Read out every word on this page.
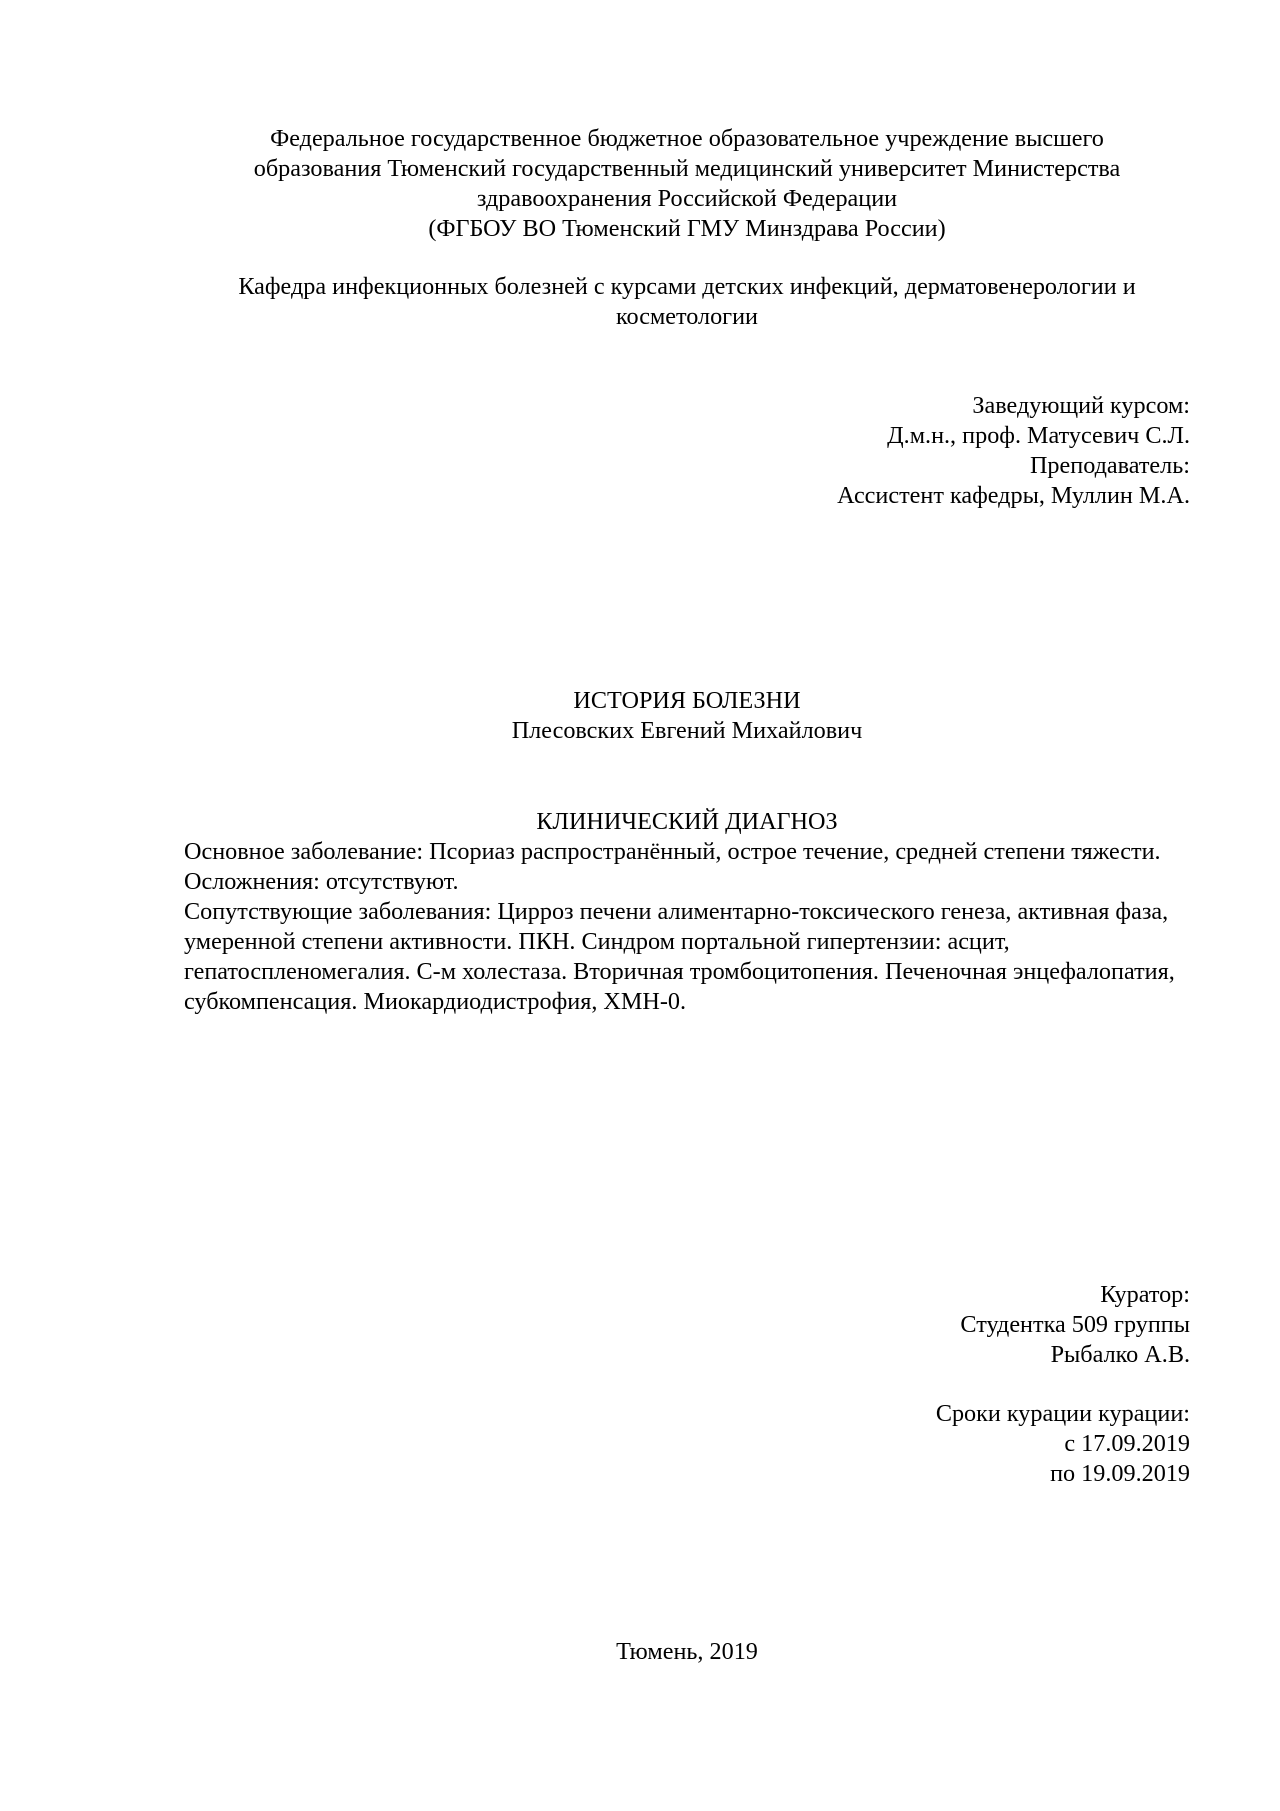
Федеральное государственное бюджетное образовательное учреждение высшего
образования Тюменский государственный медицинский университет Министерства
здравоохранения Российской Федерации
(ФГБОУ ВО Тюменский ГМУ Минздрава России)
Кафедра инфекционных болезней с курсами детских инфекций, дерматовенерологии и
косметологии
Заведующий курсом:
Д.м.н., проф. Матусевич С.Л.
Преподаватель:
Ассистент кафедры, Муллин М.А.
ИСТОРИЯ БОЛЕЗНИ
Плесовских Евгений Михайлович
КЛИНИЧЕСКИЙ ДИАГНОЗ
Основное заболевание: Псориаз распространённый, острое течение, средней степени тяжести.
Осложнения: отсутствуют.
Сопутствующие заболевания: Цирроз печени алиментарно-токсического генеза, активная фаза, умеренной степени активности. ПКН. Синдром портальной гипертензии: асцит, гепатоспленомегалия. С-м холестаза. Вторичная тромбоцитопения. Печеночная энцефалопатия, субкомпенсация. Миокардиодистрофия, ХМН-0.
Куратор:
Студентка 509 группы
Рыбалко А.В.
Сроки курации курации:
с 17.09.2019
по 19.09.2019
Тюмень, 2019
